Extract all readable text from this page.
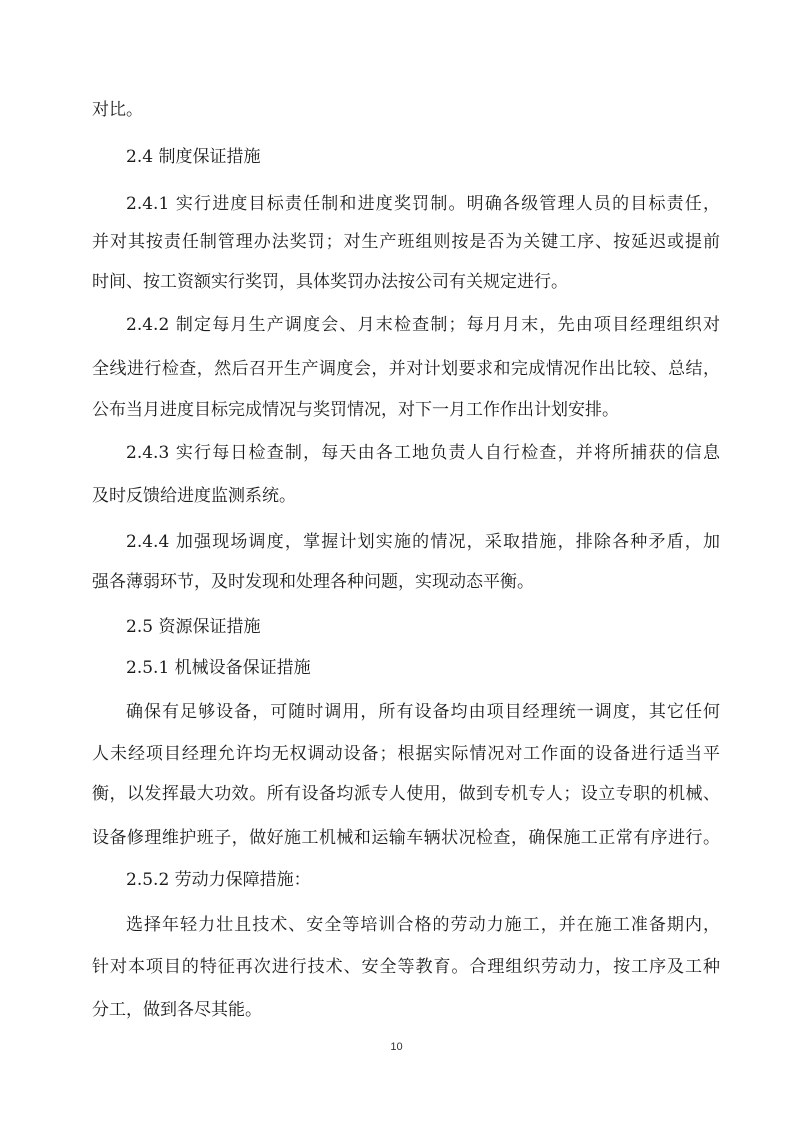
对比。
2.4 制度保证措施
2.4.1 实行进度目标责任制和进度奖罚制。明确各级管理人员的目标责任，
并对其按责任制管理办法奖罚；对生产班组则按是否为关键工序、按延迟或提前
时间、按工资额实行奖罚，具体奖罚办法按公司有关规定进行。
2.4.2 制定每月生产调度会、月末检查制；每月月末，先由项目经理组织对
全线进行检查，然后召开生产调度会，并对计划要求和完成情况作出比较、总结，
公布当月进度目标完成情况与奖罚情况，对下一月工作作出计划安排。
2.4.3 实行每日检查制，每天由各工地负责人自行检查，并将所捕获的信息
及时反馈给进度监测系统。
2.4.4 加强现场调度，掌握计划实施的情况，采取措施，排除各种矛盾，加
强各薄弱环节，及时发现和处理各种问题，实现动态平衡。
2.5 资源保证措施
2.5.1 机械设备保证措施
确保有足够设备，可随时调用，所有设备均由项目经理统一调度，其它任何
人未经项目经理允许均无权调动设备；根据实际情况对工作面的设备进行适当平
衡，以发挥最大功效。所有设备均派专人使用，做到专机专人；设立专职的机械、
设备修理维护班子，做好施工机械和运输车辆状况检查，确保施工正常有序进行。
2.5.2 劳动力保障措施：
选择年轻力壮且技术、安全等培训合格的劳动力施工，并在施工准备期内，
针对本项目的特征再次进行技术、安全等教育。合理组织劳动力，按工序及工种
分工，做到各尽其能。
10
